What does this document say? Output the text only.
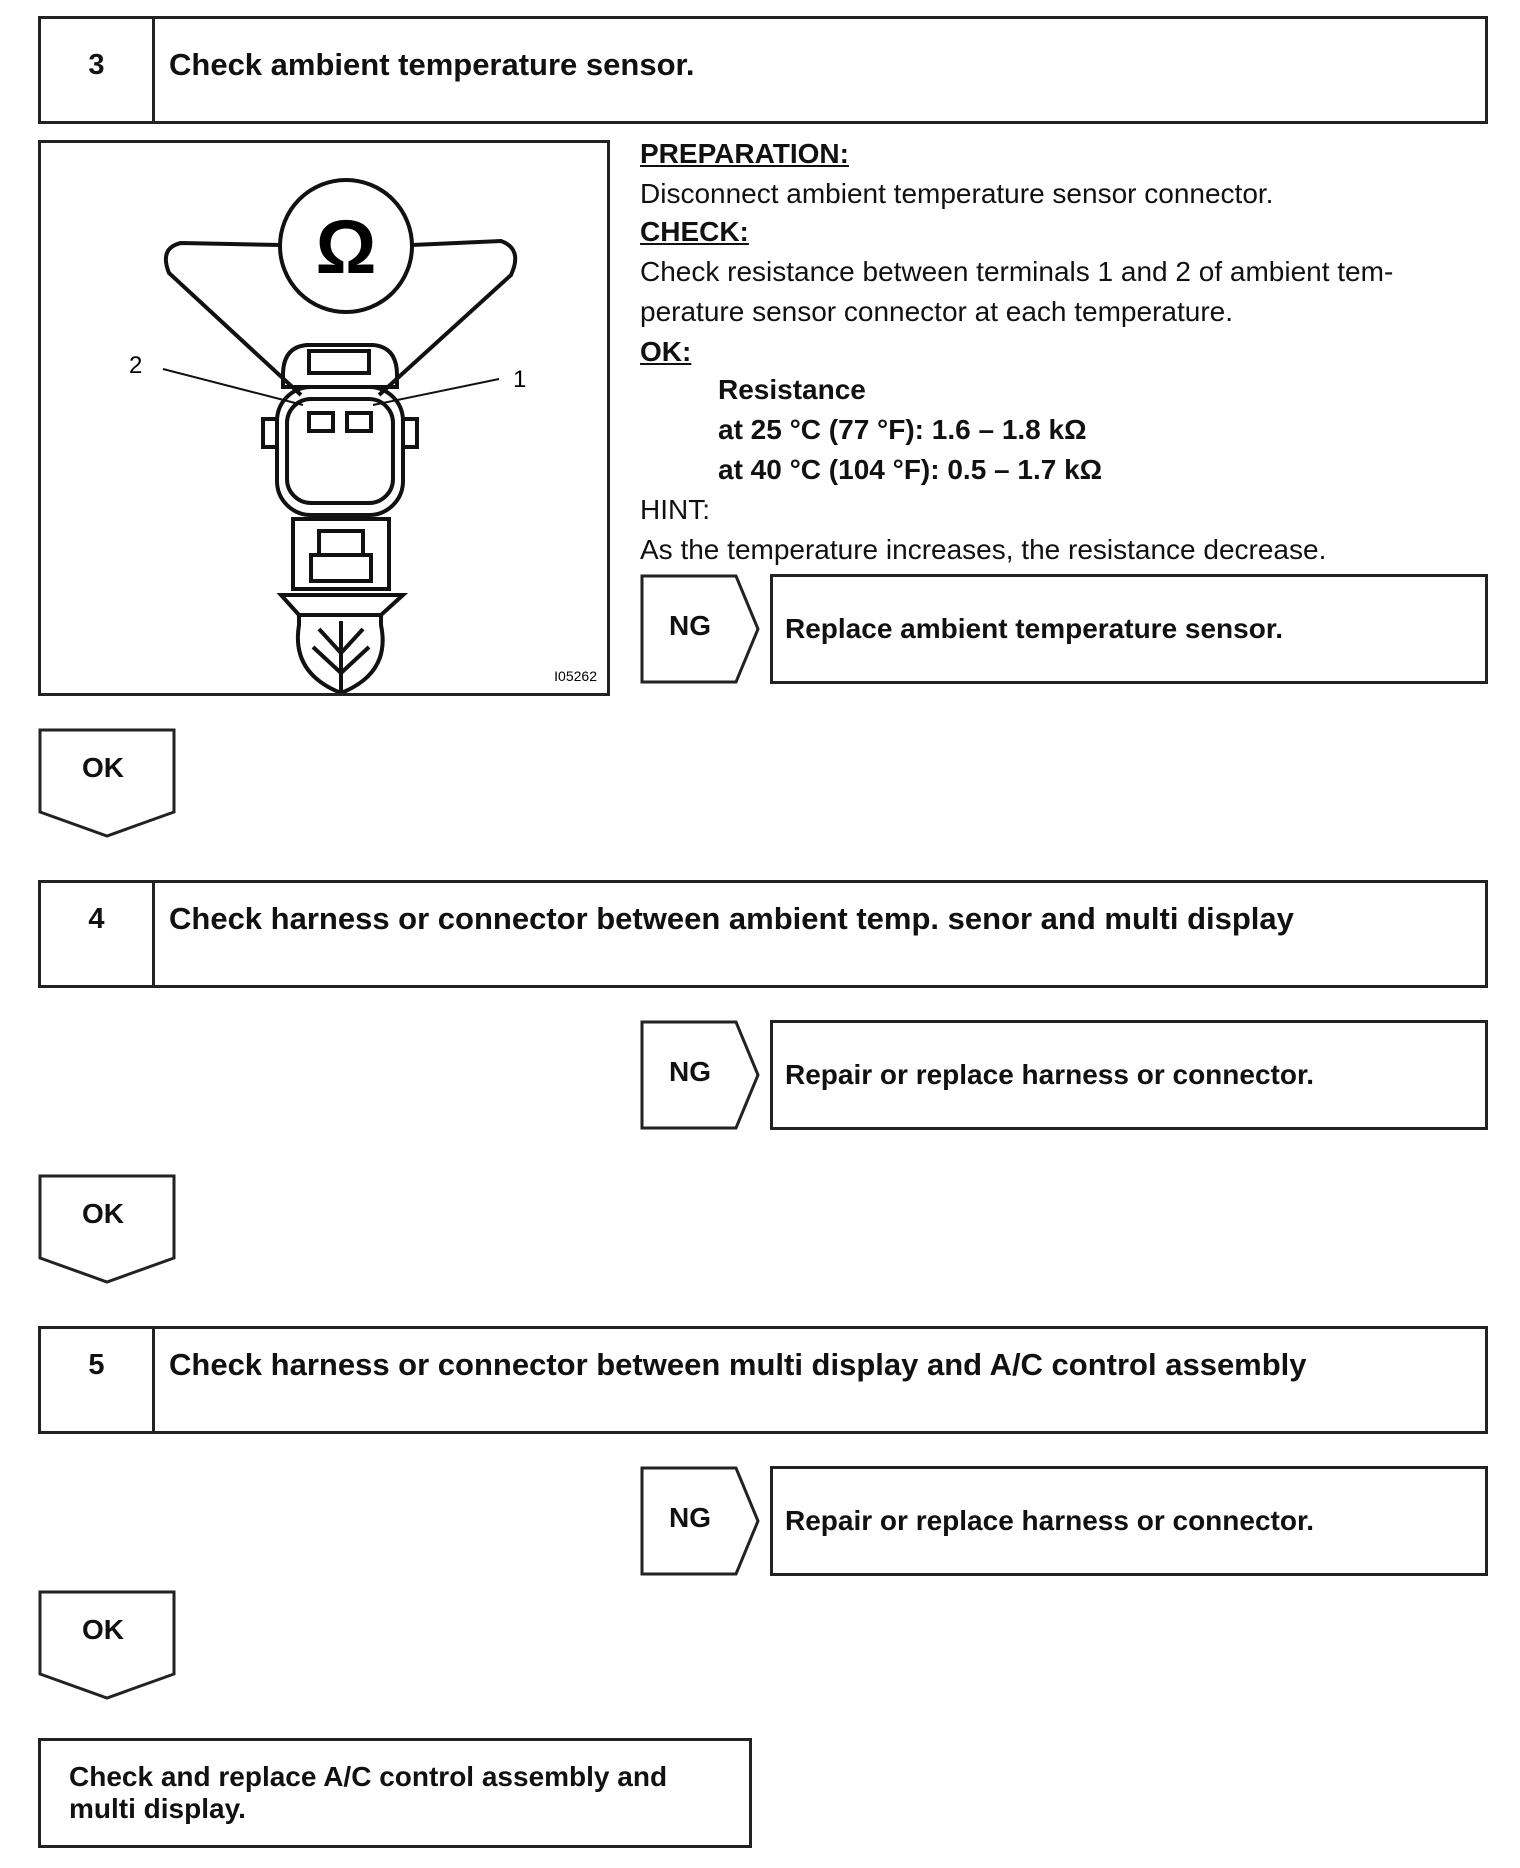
3	Check ambient temperature sensor.
Ω
2
1
I05262
PREPARATION:
Disconnect ambient temperature sensor connector.
CHECK:
Check resistance between terminals 1 and 2 of ambient tem-
perature sensor connector at each temperature.
OK:
Resistance
at 25 °C (77 °F): 1.6 – 1.8 kΩ
at 40 °C (104 °F): 0.5 – 1.7 kΩ
HINT:
As the temperature increases, the resistance decrease.
NG	Replace ambient temperature sensor.
OK
4	Check harness or connector between ambient temp. senor and multi display
NG	Repair or replace harness or connector.
OK
5	Check harness or connector between multi display and A/C control assembly
NG	Repair or replace harness or connector.
OK
Check and replace A/C control assembly and
multi display.
